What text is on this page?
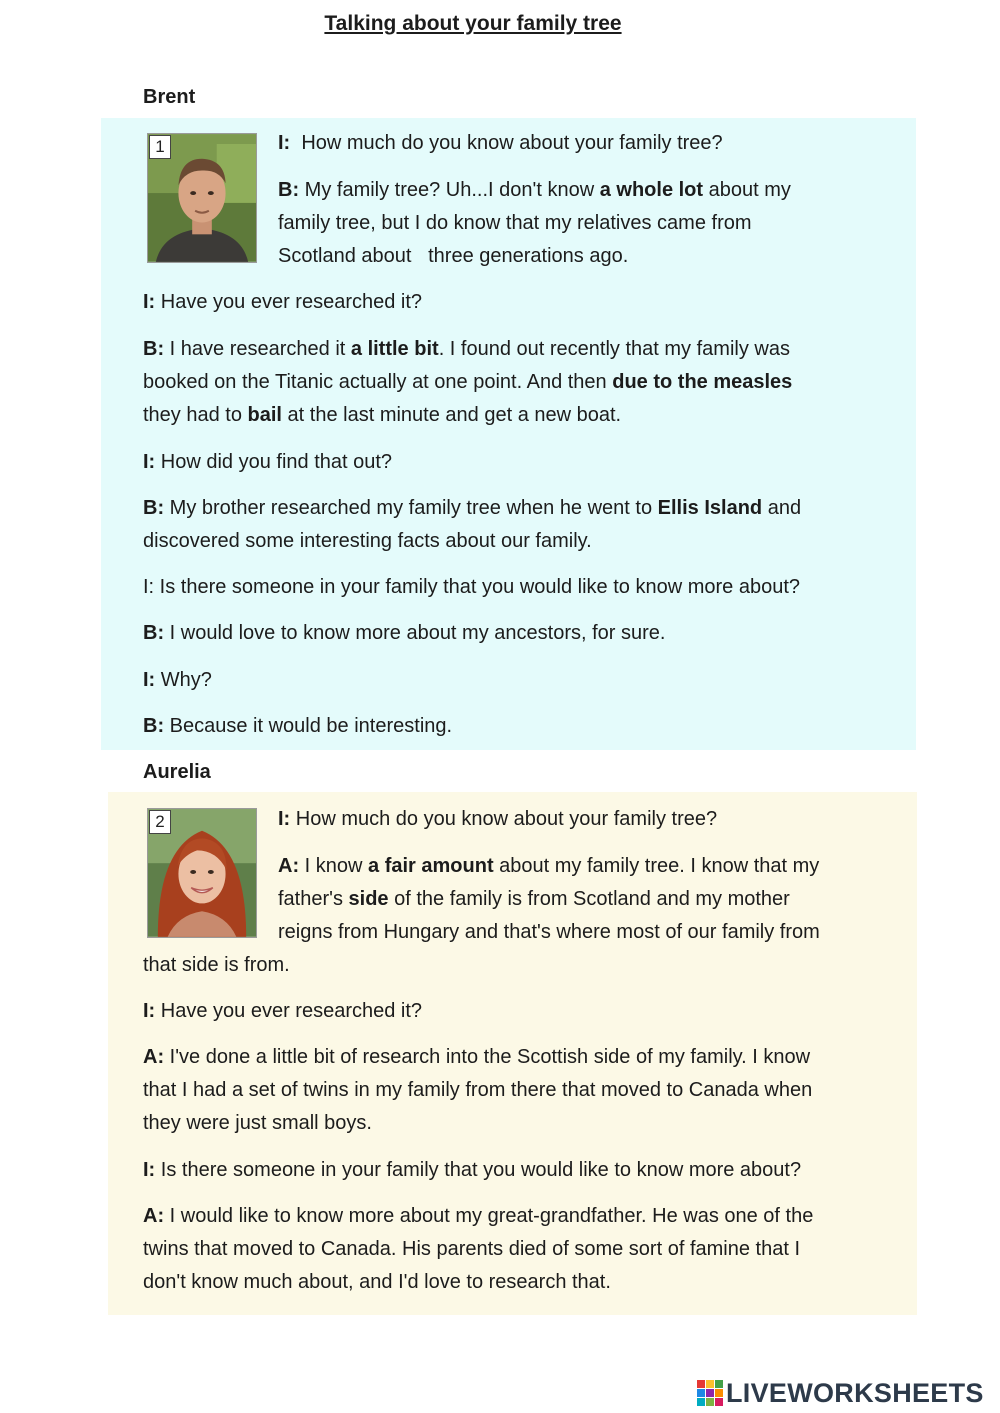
Talking about your family tree
Brent
1	I:  How much do you know about your family tree?
B: My family tree? Uh...I don't know a whole lot about my
family tree, but I do know that my relatives came from
Scotland about   three generations ago.
I: Have you ever researched it?
B: I have researched it a little bit. I found out recently that my family was
booked on the Titanic actually at one point. And then due to the measles
they had to bail at the last minute and get a new boat.
I: How did you find that out?
B: My brother researched my family tree when he went to Ellis Island and
discovered some interesting facts about our family.
I: Is there someone in your family that you would like to know more about?
B: I would love to know more about my ancestors, for sure.
I: Why?
B: Because it would be interesting.
Aurelia
2	I: How much do you know about your family tree?
A: I know a fair amount about my family tree. I know that my
father's side of the family is from Scotland and my mother
reigns from Hungary and that's where most of our family from
that side is from.
I: Have you ever researched it?
A: I've done a little bit of research into the Scottish side of my family. I know
that I had a set of twins in my family from there that moved to Canada when
they were just small boys.
I: Is there someone in your family that you would like to know more about?
A: I would like to know more about my great-grandfather. He was one of the
twins that moved to Canada. His parents died of some sort of famine that I
don't know much about, and I'd love to research that.
LIVEWORKSHEETS
